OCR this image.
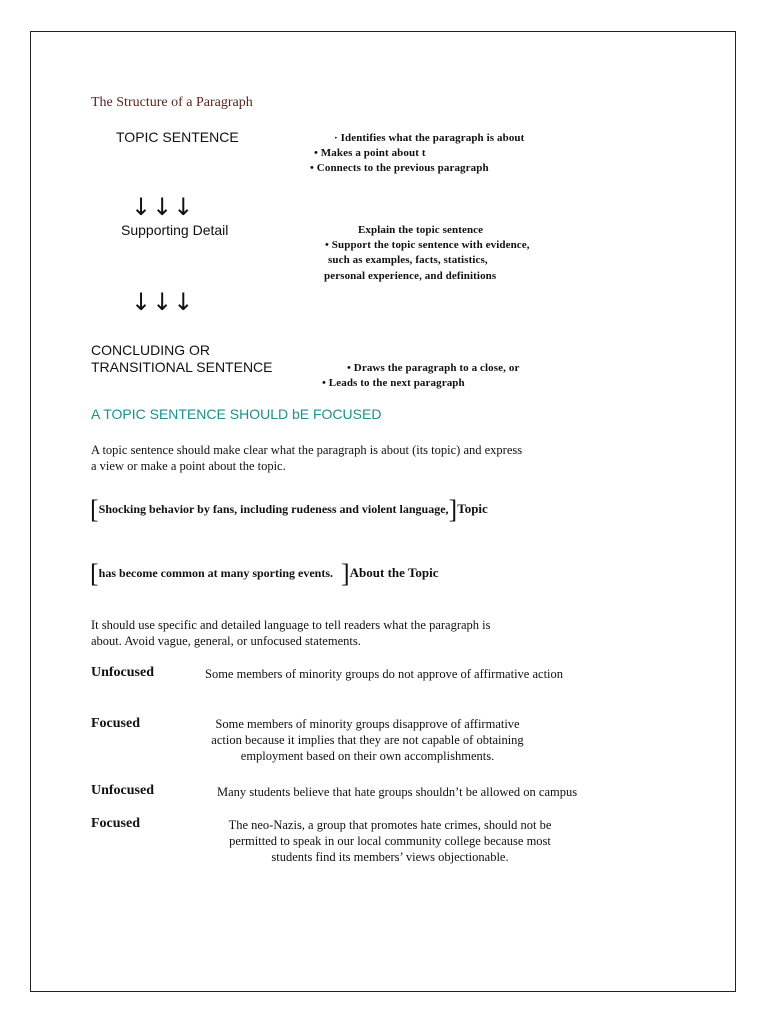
The Structure of a Paragraph
TOPIC SENTENCE	· Identifies what the paragraph is about
• Makes a point about t
• Connects to the previous paragraph
↓↓↓
Supporting Detail	Explain the topic sentence
• Support the topic sentence with evidence,
such as examples, facts, statistics,
personal experience, and definitions
↓↓↓
CONCLUDING OR
TRANSITIONAL SENTENCE	• Draws the paragraph to a close, or
• Leads to the next paragraph
A TOPIC SENTENCE SHOULD bE FOCUSED
A topic sentence should make clear what the paragraph is about (its topic) and express
a view or make a point about the topic.
[Shocking behavior by fans, including rudeness and violent language,]Topic
[has become common at many sporting events. ]About the Topic
It should use specific and detailed language to tell readers what the paragraph is
about. Avoid vague, general, or unfocused statements.
Unfocused	Some members of minority groups do not approve of affirmative action
Focused	Some members of minority groups disapprove of affirmative
action because it implies that they are not capable of obtaining
employment based on their own accomplishments.
Unfocused	Many students believe that hate groups shouldn’t be allowed on campus
Focused	The neo-Nazis, a group that promotes hate crimes, should not be
permitted to speak in our local community college because most
students find its members’ views objectionable.
